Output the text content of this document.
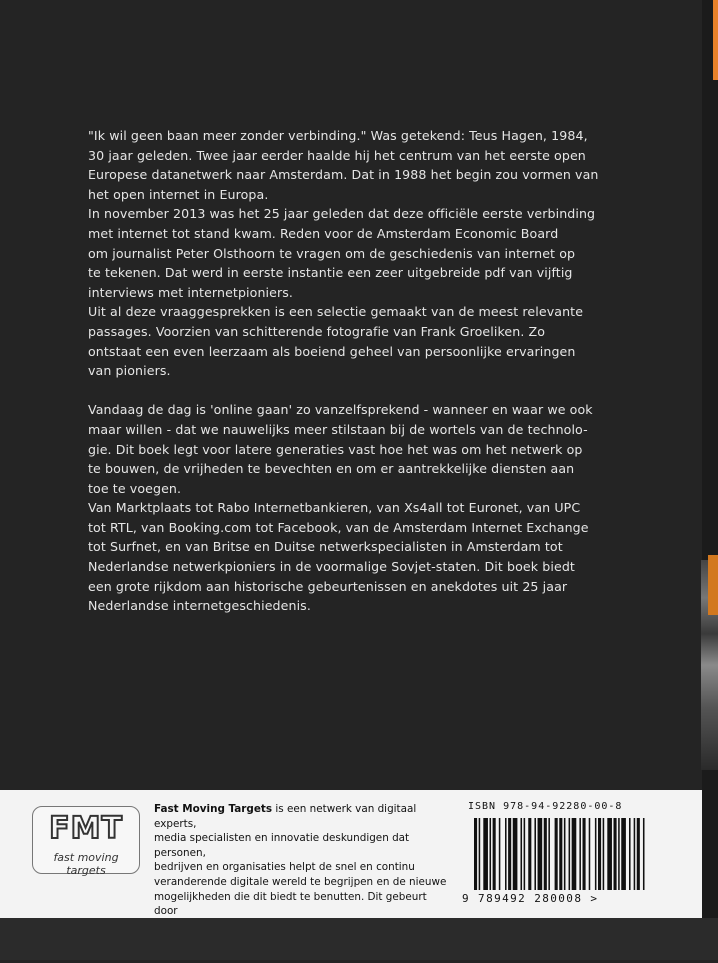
"Ik wil geen baan meer zonder verbinding." Was getekend: Teus Hagen, 1984,

30 jaar geleden. Twee jaar eerder haalde hij het centrum van het eerste open

Europese datanetwerk naar Amsterdam. Dat in 1988 het begin zou vormen van

het open internet in Europa.

In november 2013 was het 25 jaar geleden dat deze officiële eerste verbinding

met internet tot stand kwam. Reden voor de Amsterdam Economic Board

om journalist Peter Olsthoorn te vragen om de geschiedenis van internet op

te tekenen. Dat werd in eerste instantie een zeer uitgebreide pdf van vijftig

interviews met internetpioniers.

Uit al deze vraaggesprekken is een selectie gemaakt van de meest relevante

passages. Voorzien van schitterende fotografie van Frank Groeliken. Zo

ontstaat een even leerzaam als boeiend geheel van persoonlijke ervaringen

van pioniers.

Vandaag de dag is 'online gaan' zo vanzelfsprekend - wanneer en waar we ook

maar willen - dat we nauwelijks meer stilstaan bij de wortels van de technolo-

gie. Dit boek legt voor latere generaties vast hoe het was om het netwerk op

te bouwen, de vrijheden te bevechten en om er aantrekkelijke diensten aan

toe te voegen.

Van Marktplaats tot Rabo Internetbankieren, van Xs4all tot Euronet, van UPC

tot RTL, van Booking.com tot Facebook, van de Amsterdam Internet Exchange

tot Surfnet, en van Britse en Duitse netwerkspecialisten in Amsterdam tot

Nederlandse netwerkpioniers in de voormalige Sovjet-staten. Dit boek biedt

een grote rijkdom aan historische gebeurtenissen en anekdotes uit 25 jaar

Nederlandse internetgeschiedenis.

FMT
fast moving targets
Fast Moving Targets is een netwerk van digitaal experts,
media specialisten en innovatie deskundigen dat personen,
bedrijven en organisaties helpt de snel en continu
veranderende digitale wereld te begrijpen en de nieuwe
mogelijkheden die dit biedt te benutten. Dit gebeurt door
ISBN 978-94-92280-00-8
9 789492 280008 >
